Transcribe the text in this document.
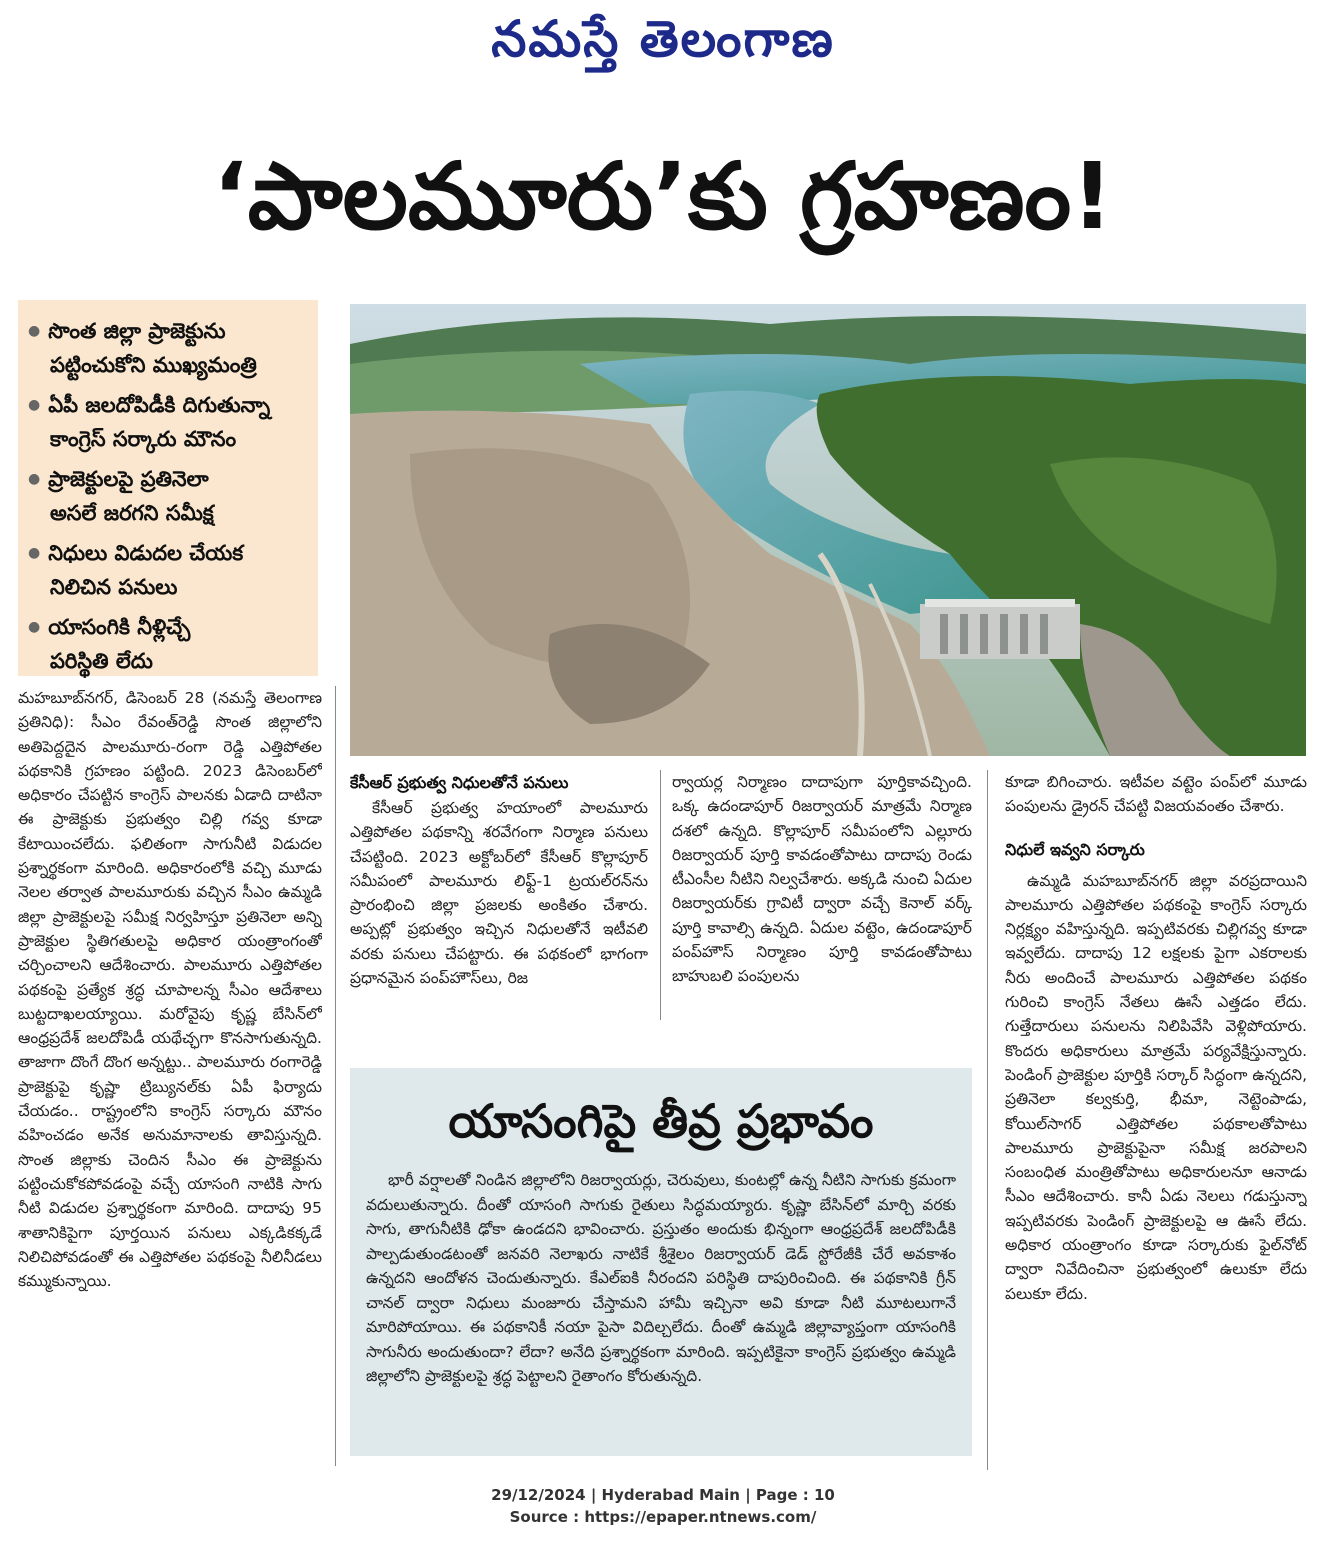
నమస్తే తెలంగాణ
‘పాలమూరు’కు గ్రహణం!
● సొంత జిల్లా ప్రాజెక్టును
పట్టించుకోని ముఖ్యమంత్రి
● ఏపీ జలదోపిడీకి దిగుతున్నా
కాంగ్రెస్ సర్కారు మౌనం
● ప్రాజెక్టులపై ప్రతినెలా
అసలే జరగని సమీక్ష
● నిధులు విడుదల చేయక
నిలిచిన పనులు
● యాసంగికి నీళ్లిచ్చే
పరిస్థితి లేదు

మహబూబ్‌నగర్, డిసెంబర్ 28 (నమస్తే తెలంగాణ ప్రతినిధి): సీఎం రేవంత్‌రెడ్డి సొంత జిల్లాలోని అతిపెద్దదైన పాలమూరు-రంగా రెడ్డి ఎత్తిపోతల పథకానికి గ్రహణం పట్టింది. 2023 డిసెంబర్‌లో అధికారం చేపట్టిన కాంగ్రెస్ పాలనకు ఏడాది దాటినా ఈ ప్రాజెక్టుకు ప్రభుత్వం చిల్లి గవ్వ కూడా కేటాయించలేదు. ఫలితంగా సాగునీటి విడుదల ప్రశ్నార్థకంగా మారింది. అధికారంలోకి వచ్చి మూడు నెలల తర్వాత పాలమూరుకు వచ్చిన సీఎం ఉమ్మడి జిల్లా ప్రాజెక్టులపై సమీక్ష నిర్వహిస్తూ ప్రతినెలా అన్ని ప్రాజెక్టుల స్థితిగతులపై అధికార యంత్రాంగంతో చర్చించాలని ఆదేశించారు. పాలమూరు ఎత్తిపోతల పథకంపై ప్రత్యేక శ్రద్ధ చూపాలన్న సీఎం ఆదేశాలు బుట్టదాఖలయ్యాయి. మరోవైపు కృష్ణ బేసిన్‌లో ఆంధ్రప్రదేశ్ జలదోపిడీ యథేచ్ఛగా కొనసాగుతున్నది. తాజాగా దొంగే దొంగ అన్నట్టు.. పాలమూరు రంగారెడ్డి ప్రాజెక్టుపై కృష్ణా ట్రిబ్యునల్‌కు ఏపీ ఫిర్యాదు చేయడం.. రాష్ట్రంలోని కాంగ్రెస్ సర్కారు మౌనం వహించడం అనేక అనుమానాలకు తావిస్తున్నది. సొంత జిల్లాకు చెందిన సీఎం ఈ ప్రాజెక్టును పట్టించుకోకపోవడంపై వచ్చే యాసంగి నాటికి సాగు నీటి విడుదల ప్రశ్నార్థకంగా మారింది. దాదాపు 95 శాతానికిపైగా పూర్తయిన పనులు ఎక్కడికక్కడే నిలిచిపోవడంతో ఈ ఎత్తిపోతల పథకంపై నీలినీడలు కమ్ముకున్నాయి.

కేసీఆర్ ప్రభుత్వ నిధులతోనే పనులు

కేసీఆర్ ప్రభుత్వ హయాంలో పాలమూరు ఎత్తిపోతల పథకాన్ని శరవేగంగా నిర్మాణ పనులు చేపట్టింది. 2023 అక్టోబర్‌లో కేసీఆర్ కొల్లాపూర్ సమీపంలో పాలమూరు లిఫ్ట్-1 ట్రయల్‌రన్‌ను ప్రారంభించి జిల్లా ప్రజలకు అంకితం చేశారు. అప్పట్లో ప్రభుత్వం ఇచ్చిన నిధులతోనే ఇటీవలి వరకు పనులు చేపట్టారు. ఈ పథకంలో భాగంగా ప్రధానమైన పంప్‌హౌస్‌లు, రిజ

ర్వాయర్ల నిర్మాణం దాదాపుగా పూర్తికావచ్చింది. ఒక్క ఉదండాపూర్ రిజర్వాయర్ మాత్రమే నిర్మాణ దశలో ఉన్నది. కొల్లాపూర్ సమీపంలోని ఎల్లూరు రిజర్వాయర్ పూర్తి కావడంతోపాటు దాదాపు రెండు టీఎంసీల నీటిని నిల్వచేశారు. అక్కడి నుంచి ఏదుల రిజర్వాయర్‌కు గ్రావిటీ ద్వారా వచ్చే కెనాల్ వర్క్ పూర్తి కావాల్సి ఉన్నది. ఏదుల వట్టెం, ఉదండాపూర్ పంప్‌హౌస్ నిర్మాణం పూర్తి కావడంతోపాటు బాహుబలి పంపులను

కూడా బిగించారు. ఇటీవల వట్టెం పంప్‌లో మూడు పంపులను డ్రైరన్ చేపట్టి విజయవంతం చేశారు.

నిధులే ఇవ్వని సర్కారు

ఉమ్మడి మహబూబ్‌నగర్ జిల్లా వరప్రదాయిని పాలమూరు ఎత్తిపోతల పథకంపై కాంగ్రెస్ సర్కారు నిర్లక్ష్యం వహిస్తున్నది. ఇప్పటివరకు చిల్లిగవ్వ కూడా ఇవ్వలేదు. దాదాపు 12 లక్షలకు పైగా ఎకరాలకు నీరు అందించే పాలమూరు ఎత్తిపోతల పథకం గురించి కాంగ్రెస్ నేతలు ఊసే ఎత్తడం లేదు. గుత్తేదారులు పనులను నిలిపివేసి వెళ్లిపోయారు. కొందరు అధికారులు మాత్రమే పర్యవేక్షిస్తున్నారు. పెండింగ్ ప్రాజెక్టుల పూర్తికి సర్కార్ సిద్ధంగా ఉన్నదని, ప్రతినెలా కల్వకుర్తి, భీమా, నెట్టెంపాడు, కోయిల్‌సాగర్ ఎత్తిపోతల పథకాలతోపాటు పాలమూరు ప్రాజెక్టుపైనా సమీక్ష జరపాలని సంబంధిత మంత్రితోపాటు అధికారులనూ ఆనాడు సీఎం ఆదేశించారు. కానీ ఏడు నెలలు గడుస్తున్నా ఇప్పటివరకు పెండింగ్ ప్రాజెక్టులపై ఆ ఊసే లేదు. అధికార యంత్రాంగం కూడా సర్కారుకు ఫైల్‌నోట్ ద్వారా నివేదించినా ప్రభుత్వంలో ఉలుకూ లేదు పలుకూ లేదు.

యాసంగిపై తీవ్ర ప్రభావం

భారీ వర్షాలతో నిండిన జిల్లాలోని రిజర్వాయర్లు, చెరువులు, కుంటల్లో ఉన్న నీటిని సాగుకు క్రమంగా వదులుతున్నారు. దీంతో యాసంగి సాగుకు రైతులు సిద్ధమయ్యారు. కృష్ణా బేసిన్‌లో మార్చి వరకు సాగు, తాగునీటికి ఢోకా ఉండదని భావించారు. ప్రస్తుతం అందుకు భిన్నంగా ఆంధ్రప్రదేశ్ జలదోపిడీకి పాల్పడుతుండటంతో జనవరి నెలాఖరు నాటికే శ్రీశైలం రిజర్వాయర్ డెడ్ స్టోరేజీకి చేరే అవకాశం ఉన్నదని ఆందోళన చెందుతున్నారు. కేఎల్ఐకి నీరందని పరిస్థితి దాపురించింది. ఈ పథకానికి గ్రీన్ చానల్ ద్వారా నిధులు మంజూరు చేస్తామని హామీ ఇచ్చినా అవి కూడా నీటి మూటలుగానే మారిపోయాయి. ఈ పథకానికీ నయా పైసా విదిల్చలేదు. దీంతో ఉమ్మడి జిల్లావ్యాప్తంగా యాసంగికి సాగునీరు అందుతుందా? లేదా? అనేది ప్రశ్నార్థకంగా మారింది. ఇప్పటికైనా కాంగ్రెస్ ప్రభుత్వం ఉమ్మడి జిల్లాలోని ప్రాజెక్టులపై శ్రద్ధ పెట్టాలని రైతాంగం కోరుతున్నది.

29/12/2024 | Hyderabad Main | Page : 10
Source : https://epaper.ntnews.com/
